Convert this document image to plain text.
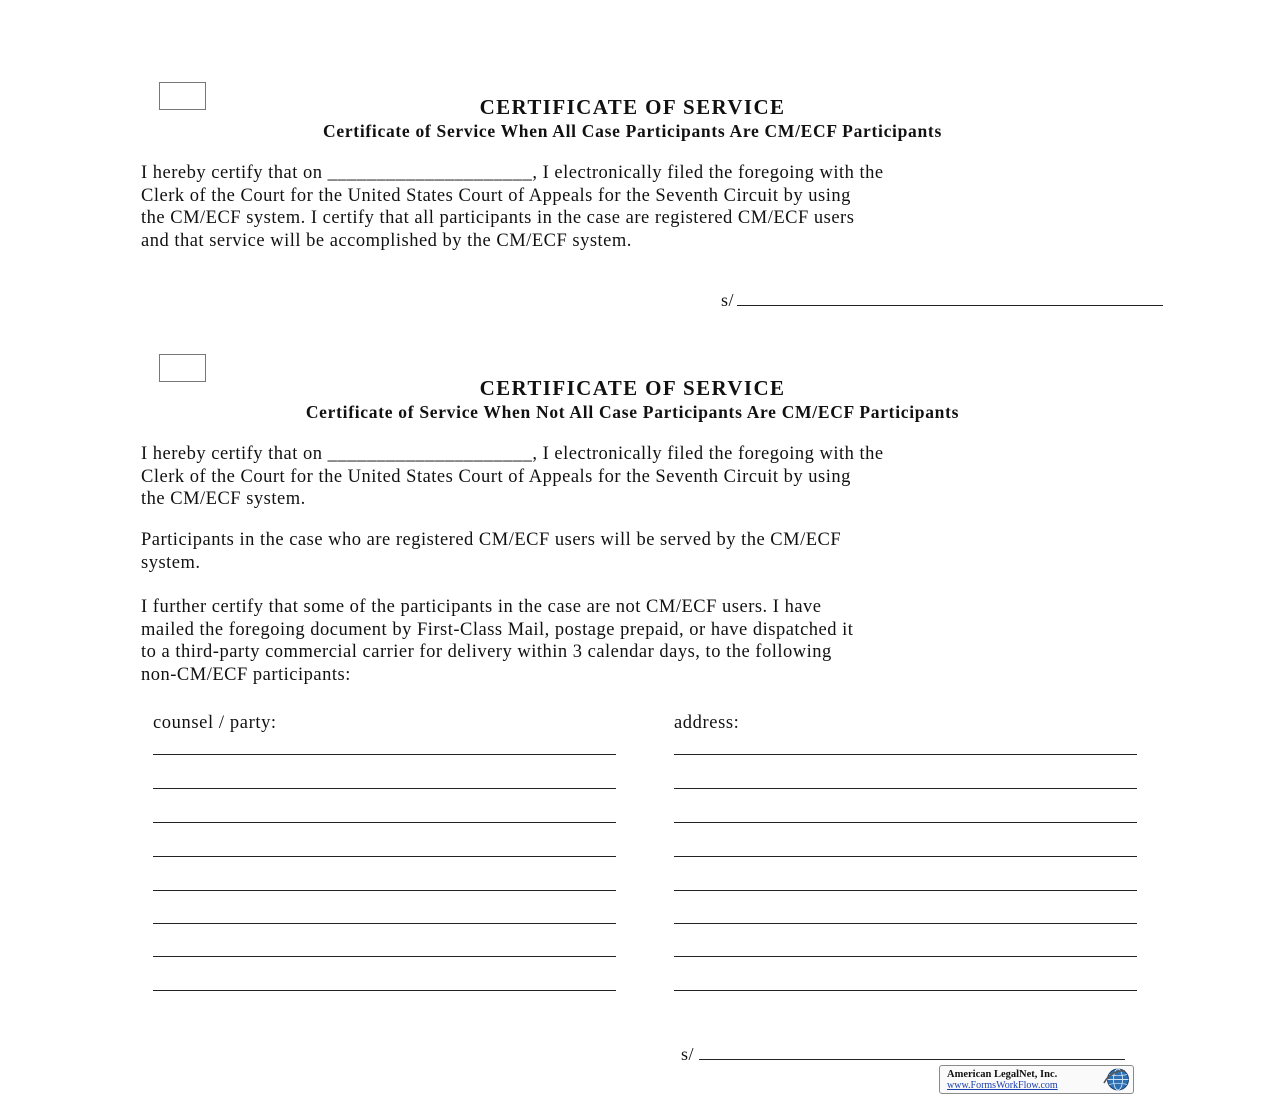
CERTIFICATE OF SERVICE
Certificate of Service When All Case Participants Are CM/ECF Participants
I hereby certify that on _____________________, I electronically filed the foregoing with the
Clerk of the Court for the United States Court of Appeals for the Seventh Circuit by using
the CM/ECF system. I certify that all participants in the case are registered CM/ECF users
and that service will be accomplished by the CM/ECF system.
s/
CERTIFICATE OF SERVICE
Certificate of Service When Not All Case Participants Are CM/ECF Participants
I hereby certify that on _____________________, I electronically filed the foregoing with the
Clerk of the Court for the United States Court of Appeals for the Seventh Circuit by using
the CM/ECF system.
Participants in the case who are registered CM/ECF users will be served by the CM/ECF
system.
I further certify that some of the participants in the case are not CM/ECF users. I have
mailed the foregoing document by First-Class Mail, postage prepaid, or have dispatched it
to a third-party commercial carrier for delivery within 3 calendar days, to the following
non-CM/ECF participants:
counsel / party:	address:
s/
American LegalNet, Inc.
www.FormsWorkFlow.com
